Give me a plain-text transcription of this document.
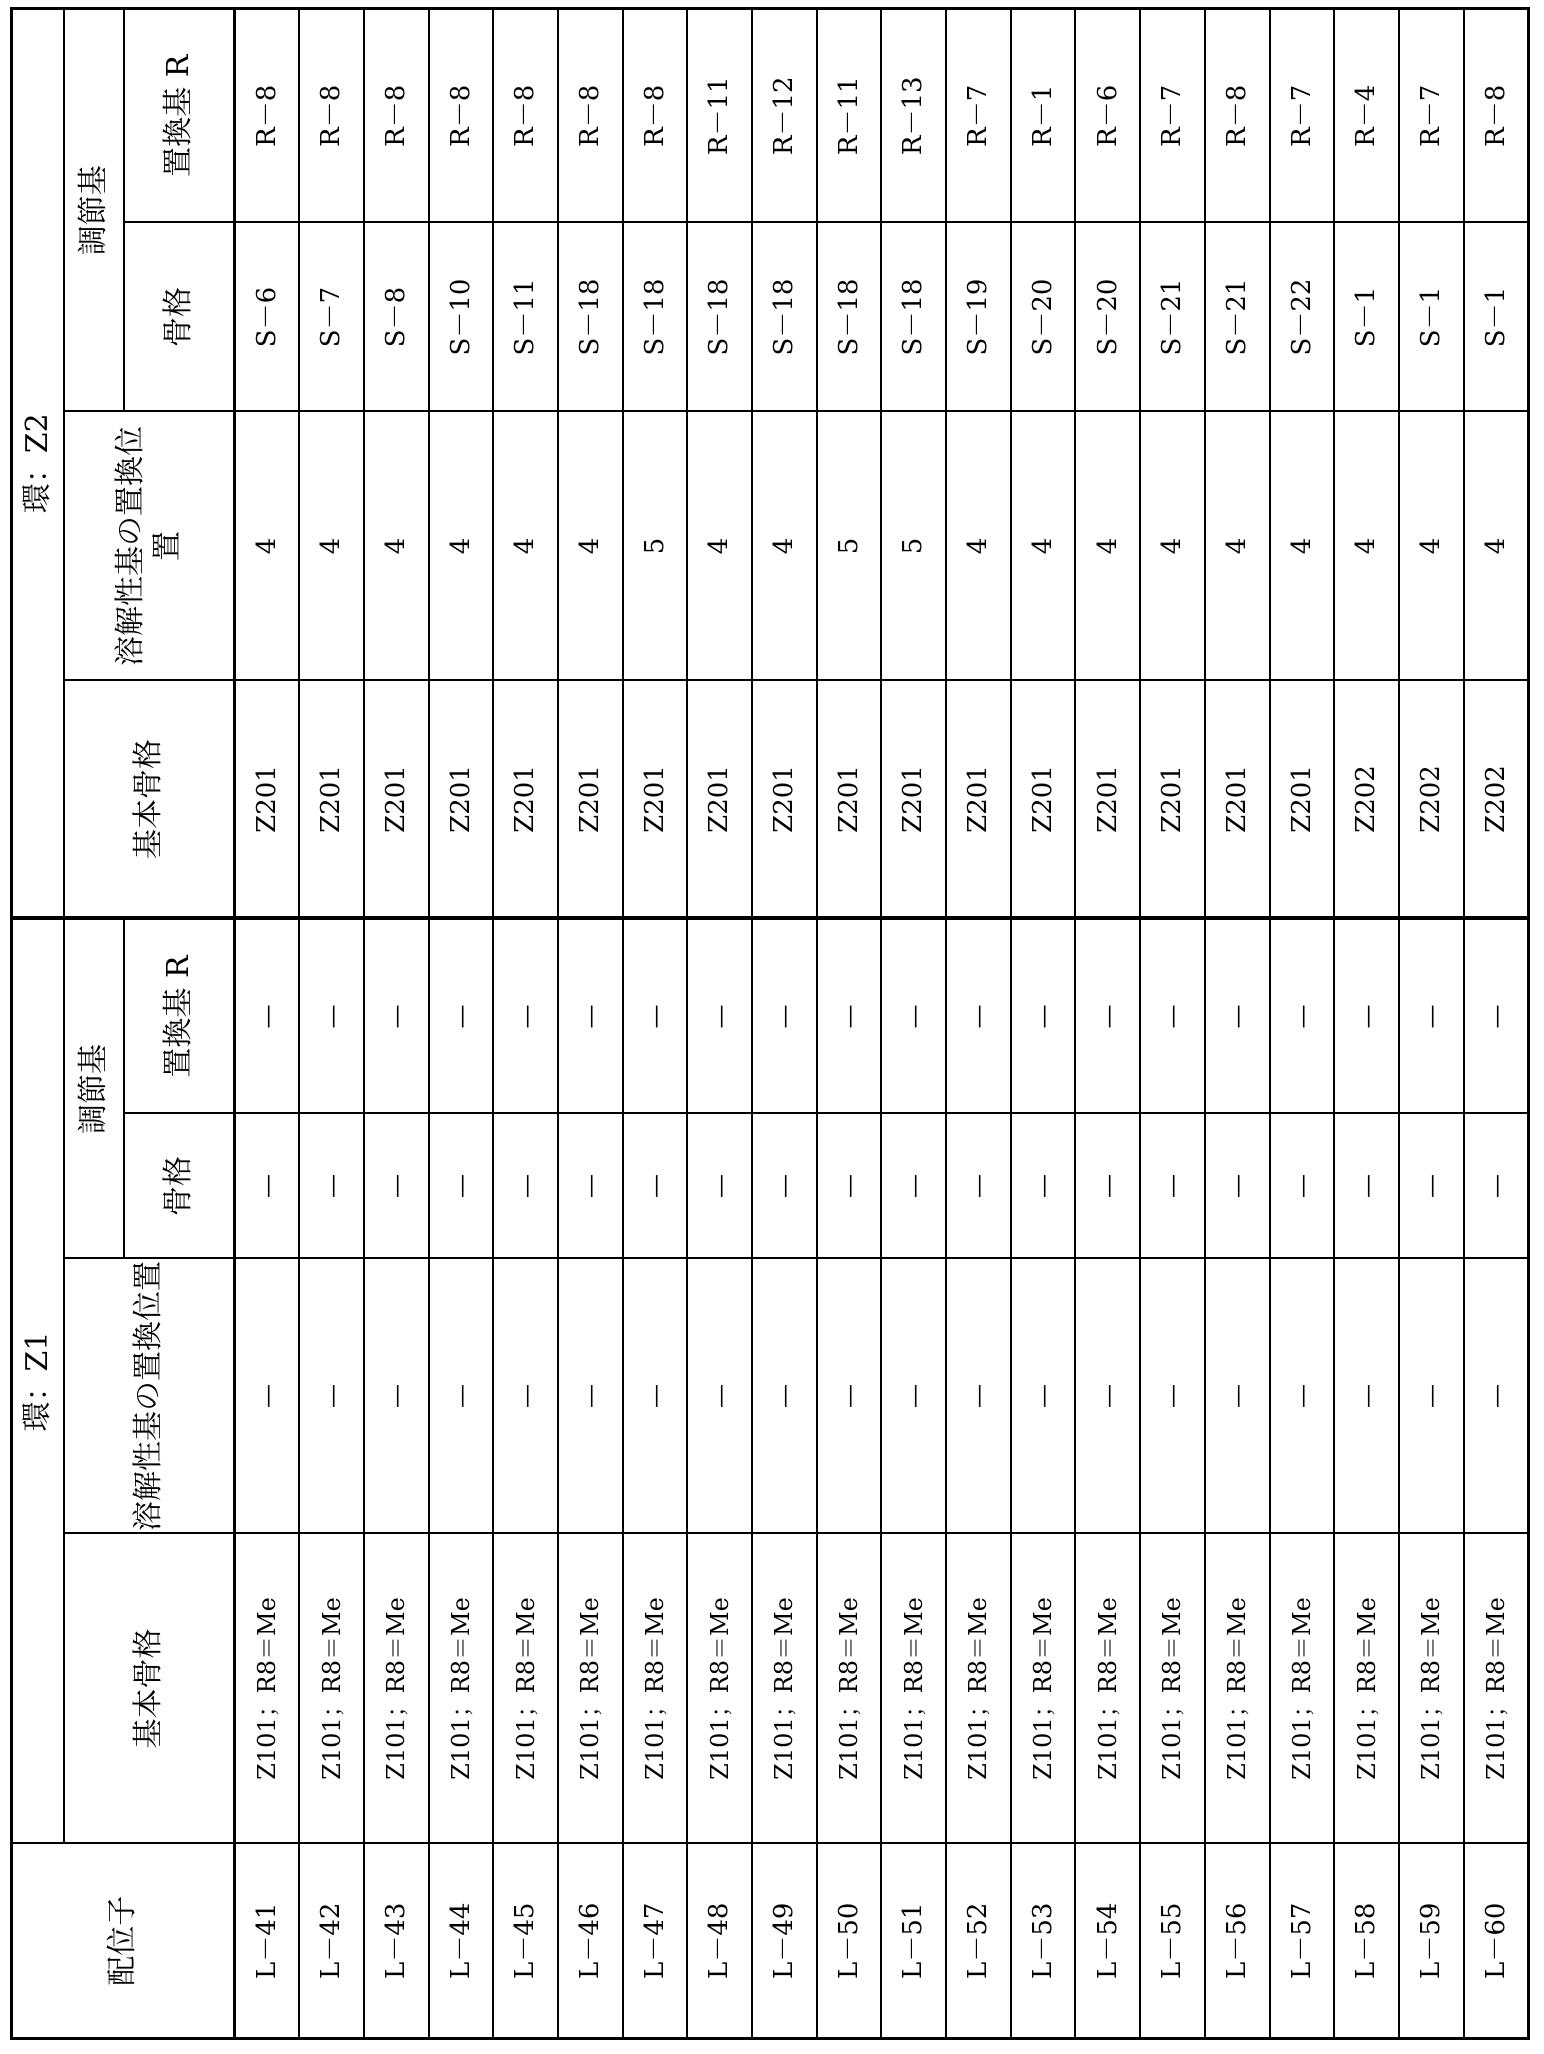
配位子	環：Z1	環：Z2
基本骨格	溶解性基の置換位置	調節基	基本骨格	溶解性基の置換位置	調節基
骨格	置換基 R	骨格	置換基 R
L－41	Z101；R8＝Me	—	—	—	Z201	4	S－6	R－8
L－42	Z101；R8＝Me	—	—	—	Z201	4	S－7	R－8
L－43	Z101；R8＝Me	—	—	—	Z201	4	S－8	R－8
L－44	Z101；R8＝Me	—	—	—	Z201	4	S－10	R－8
L－45	Z101；R8＝Me	—	—	—	Z201	4	S－11	R－8
L－46	Z101；R8＝Me	—	—	—	Z201	4	S－18	R－8
L－47	Z101；R8＝Me	—	—	—	Z201	5	S－18	R－8
L－48	Z101；R8＝Me	—	—	—	Z201	4	S－18	R－11
L－49	Z101；R8＝Me	—	—	—	Z201	4	S－18	R－12
L－50	Z101；R8＝Me	—	—	—	Z201	5	S－18	R－11
L－51	Z101；R8＝Me	—	—	—	Z201	5	S－18	R－13
L－52	Z101；R8＝Me	—	—	—	Z201	4	S－19	R－7
L－53	Z101；R8＝Me	—	—	—	Z201	4	S－20	R－1
L－54	Z101；R8＝Me	—	—	—	Z201	4	S－20	R－6
L－55	Z101；R8＝Me	—	—	—	Z201	4	S－21	R－7
L－56	Z101；R8＝Me	—	—	—	Z201	4	S－21	R－8
L－57	Z101；R8＝Me	—	—	—	Z201	4	S－22	R－7
L－58	Z101；R8＝Me	—	—	—	Z202	4	S－1	R－4
L－59	Z101；R8＝Me	—	—	—	Z202	4	S－1	R－7
L－60	Z101；R8＝Me	—	—	—	Z202	4	S－1	R－8
